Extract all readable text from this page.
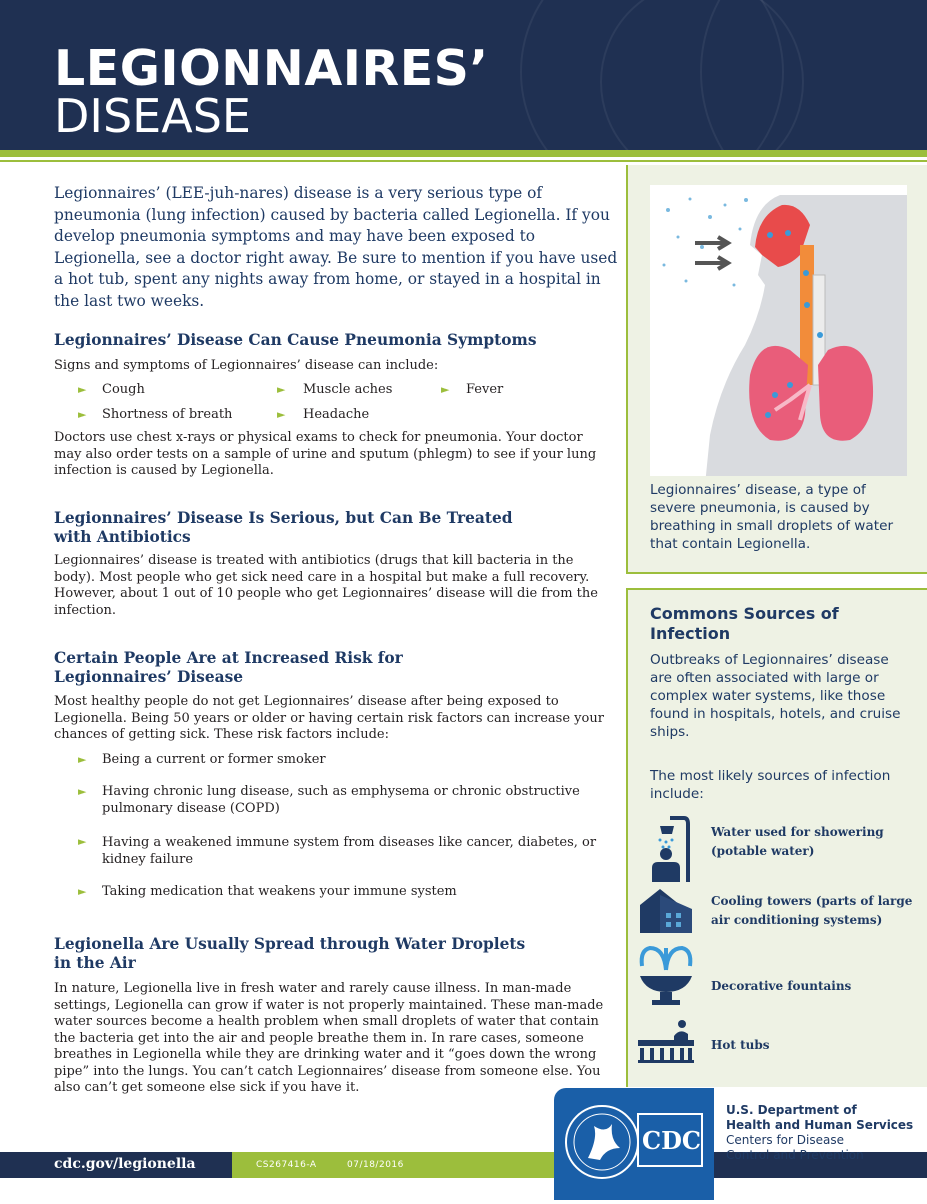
LEGIONNAIRES’
DISEASE
Legionnaires’ (LEE-juh-nares) disease is a very serious type of pneumonia (lung infection) caused by bacteria called Legionella. If you develop pneumonia symptoms and may have been exposed to Legionella, see a doctor right away. Be sure to mention if you have used a hot tub, spent any nights away from home, or stayed in a hospital in the last two weeks.
Legionnaires’ Disease Can Cause Pneumonia Symptoms
Signs and symptoms of Legionnaires’ disease can include:
► Cough	► Muscle aches	► Fever
► Shortness of breath	► Headache
Doctors use chest x-rays or physical exams to check for pneumonia. Your doctor may also order tests on a sample of urine and sputum (phlegm) to see if your lung infection is caused by Legionella.
Legionnaires’ Disease Is Serious, but Can Be Treated with Antibiotics
Legionnaires’ disease is treated with antibiotics (drugs that kill bacteria in the body). Most people who get sick need care in a hospital but make a full recovery. However, about 1 out of 10 people who get Legionnaires’ disease will die from the infection.
Certain People Are at Increased Risk for Legionnaires’ Disease
Most healthy people do not get Legionnaires’ disease after being exposed to Legionella. Being 50 years or older or having certain risk factors can increase your chances of getting sick. These risk factors include:
► Being a current or former smoker
► Having chronic lung disease, such as emphysema or chronic obstructive pulmonary disease (COPD)
► Having a weakened immune system from diseases like cancer, diabetes, or kidney failure
► Taking medication that weakens your immune system
Legionella Are Usually Spread through Water Droplets in the Air
In nature, Legionella live in fresh water and rarely cause illness. In man-made settings, Legionella can grow if water is not properly maintained. These man-made water sources become a health problem when small droplets of water that contain the bacteria get into the air and people breathe them in. In rare cases, someone breathes in Legionella while they are drinking water and it “goes down the wrong pipe” into the lungs. You can’t catch Legionnaires’ disease from someone else. You also can’t get someone else sick if you have it.
Legionnaires’ disease, a type of severe pneumonia, is caused by breathing in small droplets of water that contain Legionella.
Commons Sources of Infection
Outbreaks of Legionnaires’ disease are often associated with large or complex water systems, like those found in hospitals, hotels, and cruise ships.
The most likely sources of infection include:
Water used for showering (potable water)
Cooling towers (parts of large air conditioning systems)
Decorative fountains
Hot tubs
cdc.gov/legionella	CS267416-A	07/18/2016
CDC
U.S. Department of
Health and Human Services
Centers for Disease
Control and Prevention
